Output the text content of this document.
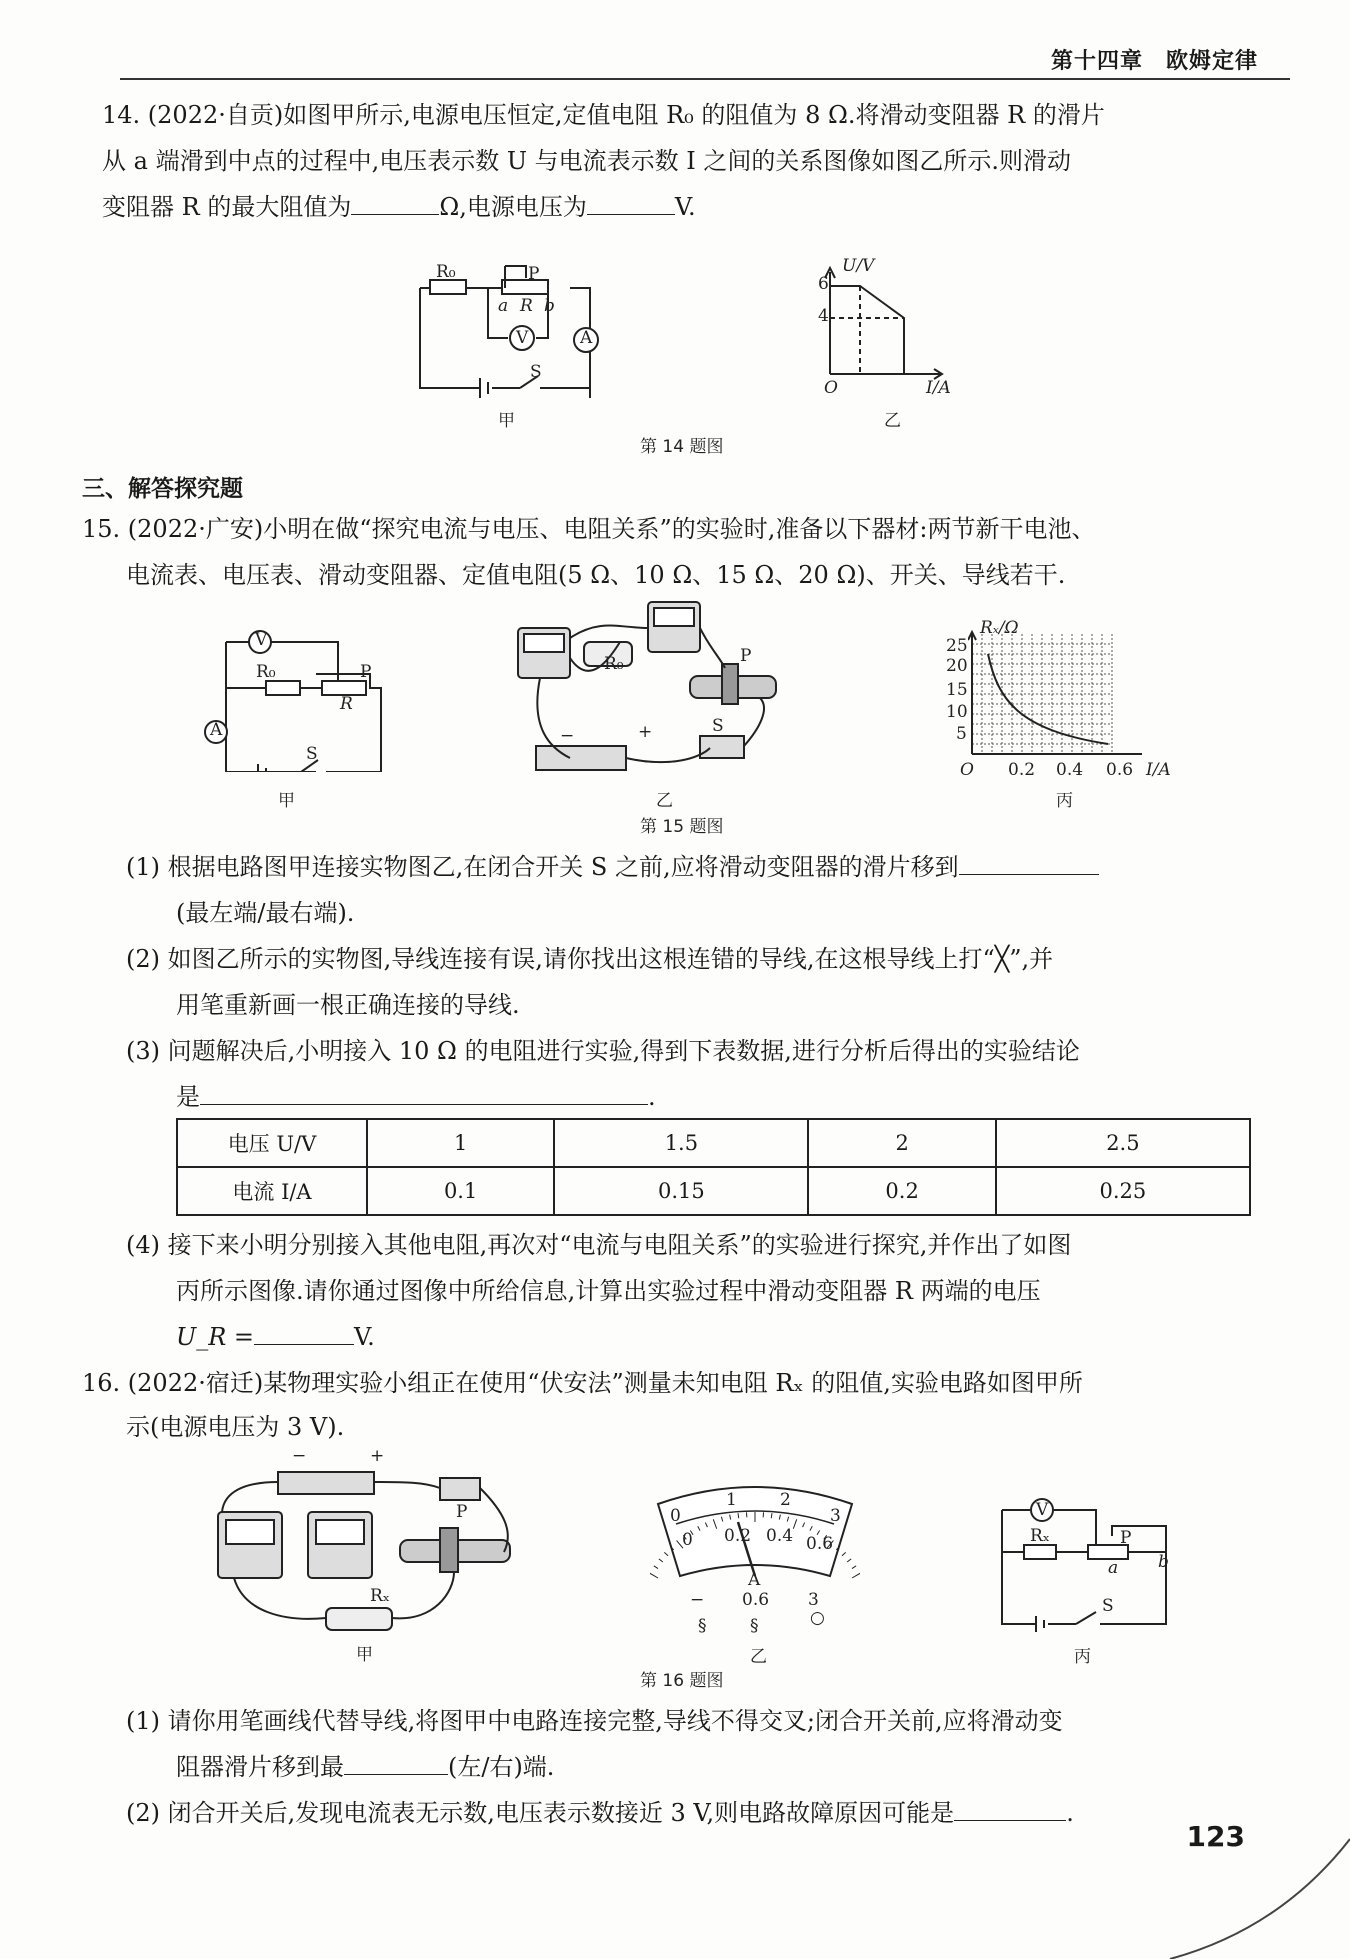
第十四章　欧姆定律
14. (2022·自贡)如图甲所示,电源电压恒定,定值电阻 R₀ 的阻值为 8 Ω.将滑动变阻器 R 的滑片
从 a 端滑到中点的过程中,电压表示数 U 与电流表示数 I 之间的关系图像如图乙所示.则滑动
变阻器 R 的最大阻值为	Ω,电源电压为	V.
R₀	P
a R b
V	A
S
甲
U/V
6
4
O	I/A
乙
第 14 题图
三、解答探究题
15. (2022·广安)小明在做“探究电流与电压、电阻关系”的实验时,准备以下器材:两节新干电池、
电流表、电压表、滑动变阻器、定值电阻(5 Ω、10 Ω、15 Ω、20 Ω)、开关、导线若干.
V
R₀	P
R
A
S
甲
R₀	P
S
−	+
乙
Rₓ/Ω
25
20
15
10
5
O 0.2 0.4 0.6 I/A
丙
第 15 题图
(1) 根据电路图甲连接实物图乙,在闭合开关 S 之前,应将滑动变阻器的滑片移到
(最左端/最右端).
(2) 如图乙所示的实物图,导线连接有误,请你找出这根连错的导线,在这根导线上打“╳”,并
用笔重新画一根正确连接的导线.
(3) 问题解决后,小明接入 10 Ω 的电阻进行实验,得到下表数据,进行分析后得出的实验结论
是	.
电压 U/V	1	1.5	2	2.5
电流 I/A	0.1	0.15	0.2	0.25
(4) 接下来小明分别接入其他电阻,再次对“电流与电阻关系”的实验进行探究,并作出了如图
丙所示图像.请你通过图像中所给信息,计算出实验过程中滑动变阻器 R 两端的电压
U_R =	V.
16. (2022·宿迁)某物理实验小组正在使用“伏安法”测量未知电阻 Rₓ 的阻值,实验电路如图甲所
示(电源电压为 3 V).
−	+
P
Rₓ
甲
0
1	2
3
0 0.2 0.4 0.6
A
− 0.6 3
§	§	○
乙
V
Rₓ	P
a b
S
丙
第 16 题图
(1) 请你用笔画线代替导线,将图甲中电路连接完整,导线不得交叉;闭合开关前,应将滑动变
阻器滑片移到最	(左/右)端.
(2) 闭合开关后,发现电流表无示数,电压表示数接近 3 V,则电路故障原因可能是	.
123
